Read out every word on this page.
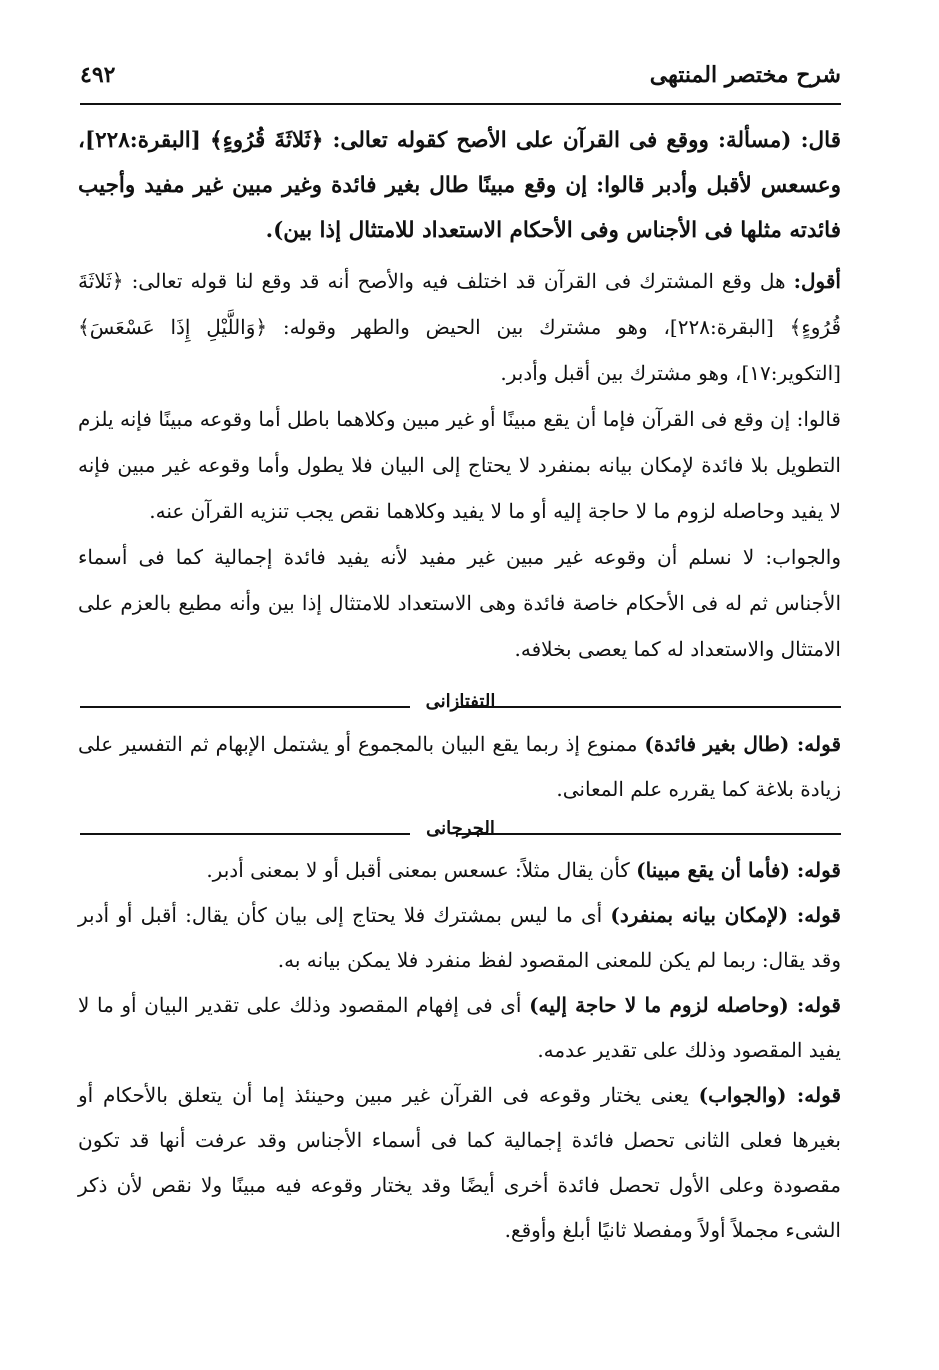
شرح مختصر المنتهى
٤٩٢
قال: (مسألة: ووقع فى القرآن على الأصح كقوله تعالى: ﴿ثَلاثَةَ قُرُوءٍ﴾ [البقرة:٢٢٨]، وعسعس لأقبل وأدبر قالوا: إن وقع مبينًا طال بغير فائدة وغير مبين غير مفيد وأجيب فائدته مثلها فى الأجناس وفى الأحكام الاستعداد للامتثال إذا بين).

أقول: هل وقع المشترك فى القرآن قد اختلف فيه والأصح أنه قد وقع لنا قوله تعالى: ﴿ثَلاثَةَ قُرُوءٍ﴾ [البقرة:٢٢٨]، وهو مشترك بين الحيض والطهر وقوله: ﴿وَاللَّيْلِ إِذَا عَسْعَسَ﴾ [التكوير:١٧]، وهو مشترك بين أقبل وأدبر.

قالوا: إن وقع فى القرآن فإما أن يقع مبينًا أو غير مبين وكلاهما باطل أما وقوعه مبينًا فإنه يلزم التطويل بلا فائدة لإمكان بيانه بمنفرد لا يحتاج إلى البيان فلا يطول وأما وقوعه غير مبين فإنه لا يفيد وحاصله لزوم ما لا حاجة إليه أو ما لا يفيد وكلاهما نقص يجب تنزيه القرآن عنه.

والجواب: لا نسلم أن وقوعه غير مبين غير مفيد لأنه يفيد فائدة إجمالية كما فى أسماء الأجناس ثم له فى الأحكام خاصة فائدة وهى الاستعداد للامتثال إذا بين وأنه مطيع بالعزم على الامتثال والاستعداد له كما يعصى بخلافه.

التفتازانى
قوله: (طال بغير فائدة) ممنوع إذ ربما يقع البيان بالمجموع أو يشتمل الإبهام ثم التفسير على زيادة بلاغة كما يقرره علم المعانى.
الجرجانى

قوله: (فأما أن يقع مبينا) كأن يقال مثلاً: عسعس بمعنى أقبل أو لا بمعنى أدبر.

قوله: (لإمكان بيانه بمنفرد) أى ما ليس بمشترك فلا يحتاج إلى بيان كأن يقال: أقبل أو أدبر وقد يقال: ربما لم يكن للمعنى المقصود لفظ منفرد فلا يمكن بيانه به.

قوله: (وحاصله لزوم ما لا حاجة إليه) أى فى إفهام المقصود وذلك على تقدير البيان أو ما لا يفيد المقصود وذلك على تقدير عدمه.

قوله: (والجواب) يعنى يختار وقوعه فى القرآن غير مبين وحينئذ إما أن يتعلق بالأحكام أو بغيرها فعلى الثانى تحصل فائدة إجمالية كما فى أسماء الأجناس وقد عرفت أنها قد تكون مقصودة وعلى الأول تحصل فائدة أخرى أيضًا وقد يختار وقوعه فيه مبينًا ولا نقص لأن ذكر الشىء مجملاً أولاً ومفصلا ثانيًا أبلغ وأوقع.
